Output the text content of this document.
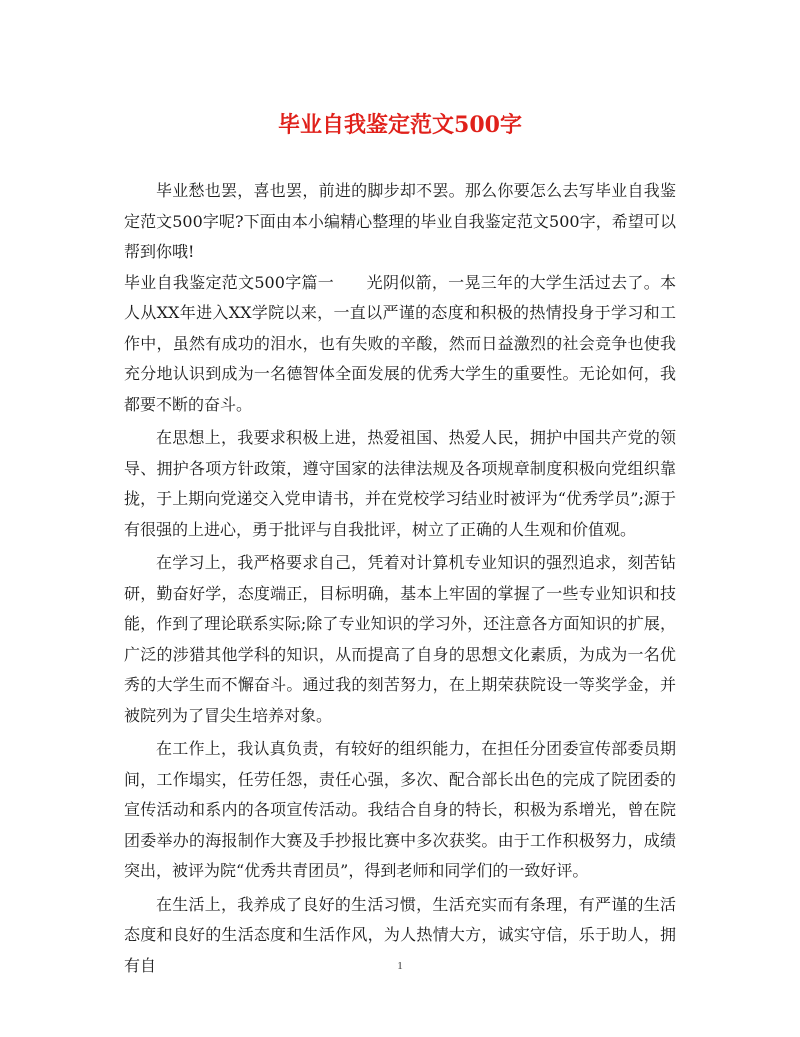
毕业自我鉴定范文500字

毕业愁也罢，喜也罢，前进的脚步却不罢。那么你要怎么去写毕业自我鉴定范文500字呢?下面由本小编精心整理的毕业自我鉴定范文500字，希望可以帮到你哦!

毕业自我鉴定范文500字篇一　　光阴似箭，一晃三年的大学生活过去了。本人从XX年进入XX学院以来，一直以严谨的态度和积极的热情投身于学习和工作中，虽然有成功的泪水，也有失败的辛酸，然而日益激烈的社会竞争也使我充分地认识到成为一名德智体全面发展的优秀大学生的重要性。无论如何，我都要不断的奋斗。

在思想上，我要求积极上进，热爱祖国、热爱人民，拥护中国共产党的领导、拥护各项方针政策，遵守国家的法律法规及各项规章制度积极向党组织靠拢，于上期向党递交入党申请书，并在党校学习结业时被评为“优秀学员”;源于有很强的上进心，勇于批评与自我批评，树立了正确的人生观和价值观。

在学习上，我严格要求自己，凭着对计算机专业知识的强烈追求，刻苦钻研，勤奋好学，态度端正，目标明确，基本上牢固的掌握了一些专业知识和技能，作到了理论联系实际;除了专业知识的学习外，还注意各方面知识的扩展，广泛的涉猎其他学科的知识，从而提高了自身的思想文化素质，为成为一名优秀的大学生而不懈奋斗。通过我的刻苦努力，在上期荣获院设一等奖学金，并被院列为了冒尖生培养对象。

在工作上，我认真负责，有较好的组织能力，在担任分团委宣传部委员期间，工作塌实，任劳任怨，责任心强，多次、配合部长出色的完成了院团委的宣传活动和系内的各项宣传活动。我结合自身的特长，积极为系增光，曾在院团委举办的海报制作大赛及手抄报比赛中多次获奖。由于工作积极努力，成绩突出，被评为院“优秀共青团员”，得到老师和同学们的一致好评。

在生活上，我养成了良好的生活习惯，生活充实而有条理，有严谨的生活态度和良好的生活态度和生活作风，为人热情大方，诚实守信，乐于助人，拥有自	1
